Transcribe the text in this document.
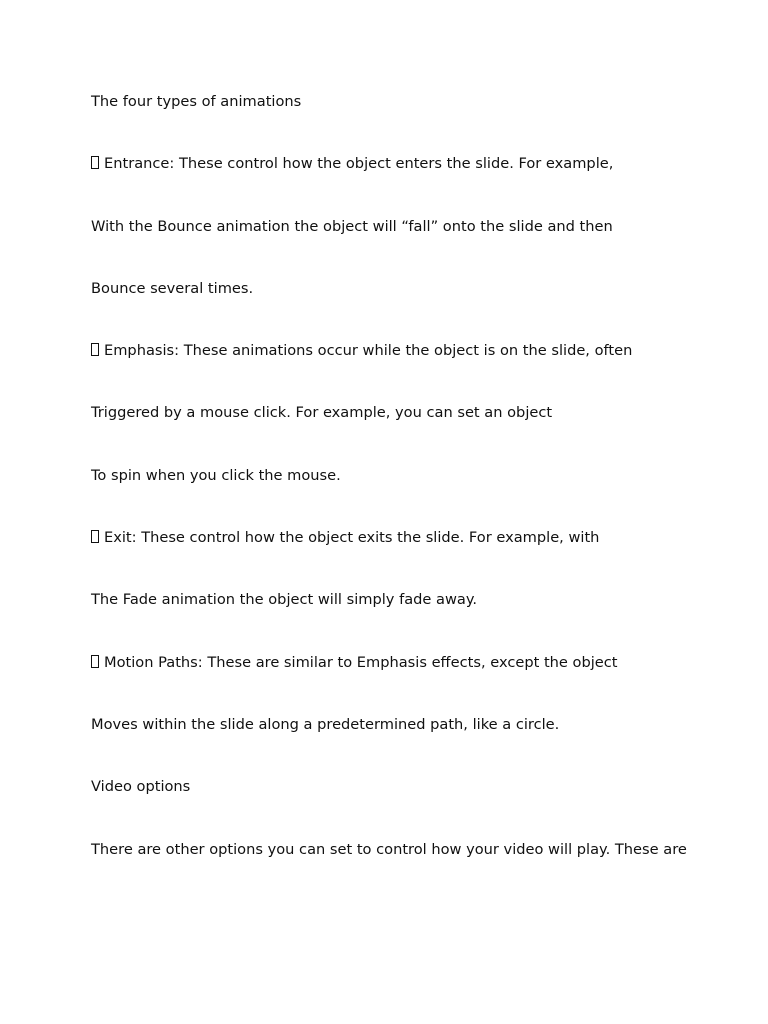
The four types of animations

Entrance: These control how the object enters the slide. For example,

With the Bounce animation the object will “fall” onto the slide and then

Bounce several times.

Emphasis: These animations occur while the object is on the slide, often

Triggered by a mouse click. For example, you can set an object

To spin when you click the mouse.

Exit: These control how the object exits the slide. For example, with

The Fade animation the object will simply fade away.

Motion Paths: These are similar to Emphasis effects, except the object

Moves within the slide along a predetermined path, like a circle.

Video options

There are other options you can set to control how your video will play. These are
